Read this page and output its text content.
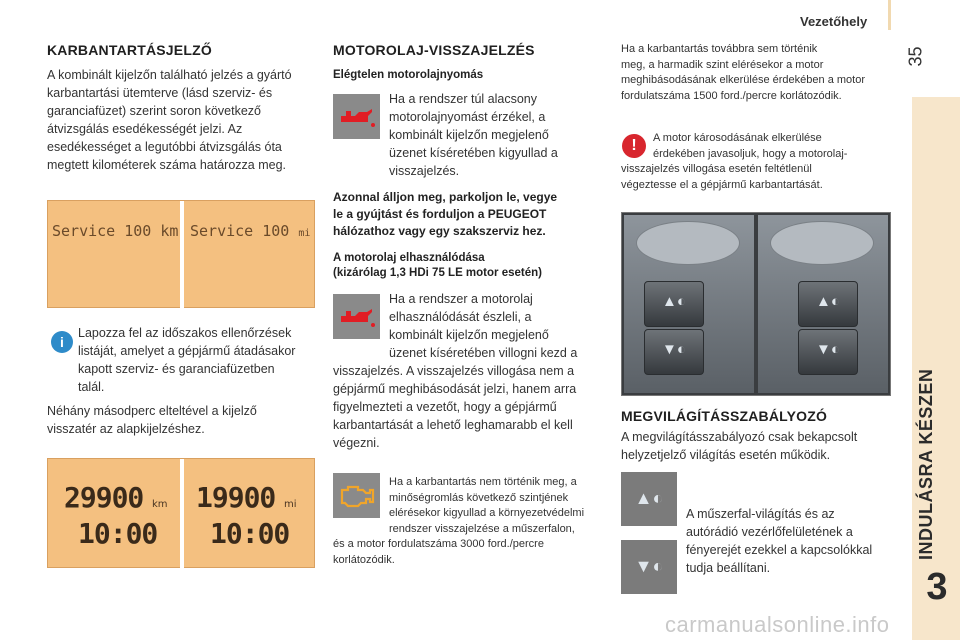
Vezetőhely
35
INDULÁSRA KÉSZEN
3
KARBANTARTÁSJELZŐ
A kombinált kijelzőn található jelzés a gyártó
karbantartási ütemterve (lásd szerviz- és
garanciafüzet) szerint soron következő
átvizsgálás esedékességét jelzi. Az
esedékességet a legutóbbi átvizsgálás óta
megtett kilométerek száma határozza meg.
Service 100 km Service 100 mi
i
Lapozza fel az időszakos ellenőrzések
listáját, amelyet a gépjármű átadásakor
kapott szerviz- és garanciafüzetben
talál.
Néhány másodperc elteltével a kijelző
visszatér az alapkijelzéshez.
29900 km
10:00
19900 mi
10:00
MOTOROLAJ-VISSZAJELZÉS
Elégtelen motorolajnyomás
Ha a rendszer túl alacsony
motorolajnyomást érzékel, a
kombinált kijelzőn megjelenő
üzenet kíséretében kigyullad a
visszajelzés.
Azonnal álljon meg, parkoljon le, vegye
le a gyújtást és forduljon a PEUGEOT
hálózathoz vagy egy szakszerviz hez.
A motorolaj elhasználódása
(kizárólag 1,3 HDi 75 LE motor esetén)
Ha a rendszer a motorolaj
elhasználódását észleli, a
kombinált kijelzőn megjelenő
üzenet kíséretében villogni kezd a
visszajelzés. A visszajelzés villogása nem a
gépjármű meghibásodását jelzi, hanem arra
figyelmezteti a vezetőt, hogy a gépjármű
karbantartását a lehető leghamarabb el kell
végezni.
Ha a karbantartás nem történik meg, a
minőségromlás következő szintjének
elérésekor kigyullad a környezetvédelmi
rendszer visszajelzése a műszerfalon,
és a motor fordulatszáma 3000 ford./percre
korlátozódik.
Ha a karbantartás továbbra sem történik
meg, a harmadik szint elérésekor a motor
meghibásodásának elkerülése érdekében a motor
fordulatszáma 1500 ford./percre korlátozódik.
!	A motor károsodásának elkerülése
érdekében javasoljuk, hogy a motorolaj-
visszajelzés villogása esetén feltétlenül
végeztesse el a gépjármű karbantartását.
▲◐
▼◐
▲◐
▼◐
MEGVILÁGÍTÁSSZABÁLYOZÓ
A megvilágításszabályozó csak bekapcsolt
helyzetjelző világítás esetén működik.
▲◐
▼◐
A műszerfal-világítás és az
autórádió vezérlőfelületének a
fényerejét ezekkel a kapcsolókkal
tudja beállítani.
carmanualsonline.info
